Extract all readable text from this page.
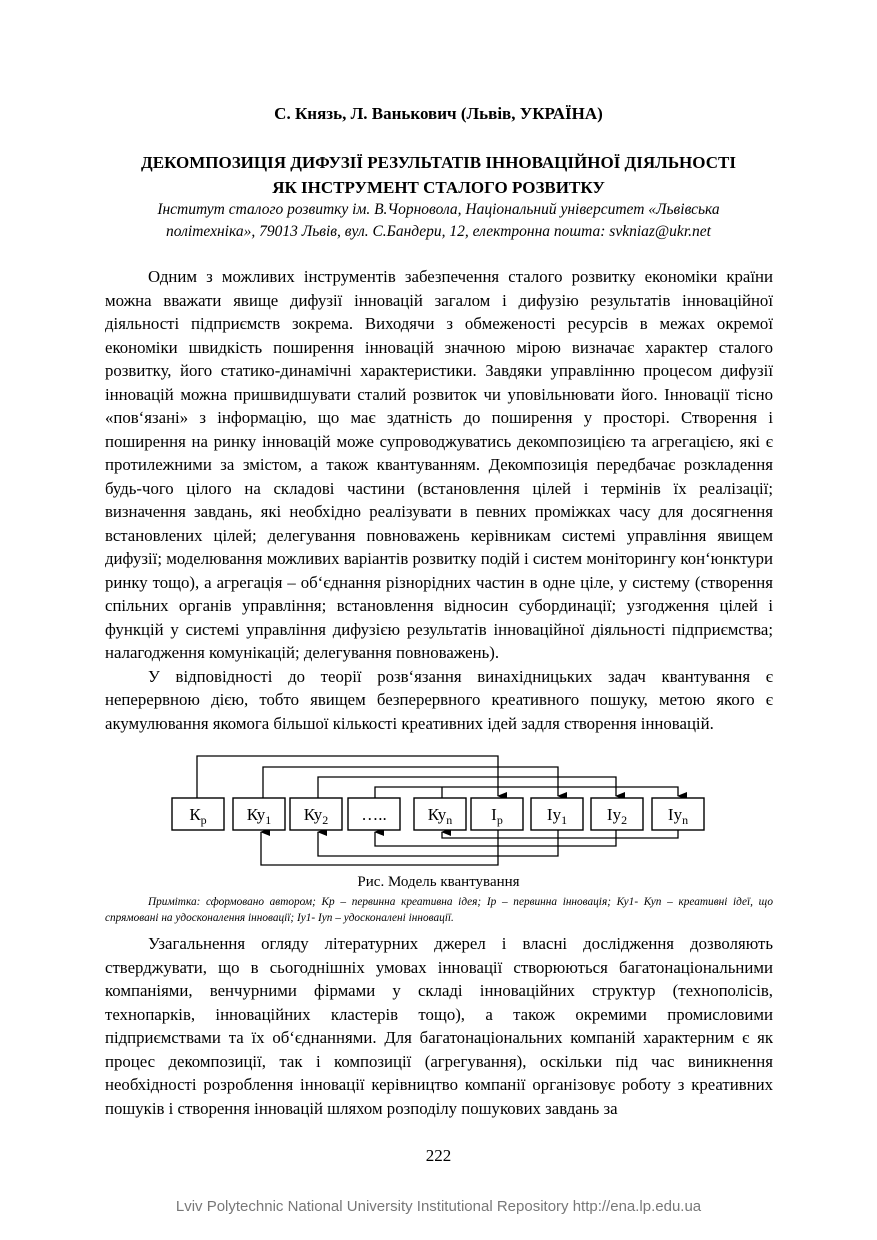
С. Князь, Л. Ванькович (Львів, УКРАЇНА)
ДЕКОМПОЗИЦІЯ ДИФУЗІЇ РЕЗУЛЬТАТІВ ІННОВАЦІЙНОЇ ДІЯЛЬНОСТІ
ЯК ІНСТРУМЕНТ СТАЛОГО РОЗВИТКУ
Інститут сталого розвитку ім. В.Чорновола, Національний університет «Львівська
політехніка», 79013 Львів, вул. С.Бандери, 12, електронна пошта: svkniaz@ukr.net

Одним з можливих інструментів забезпечення сталого розвитку економіки країни можна вважати явище дифузії інновацій загалом і дифузію результатів інноваційної діяльності підприємств зокрема. Виходячи з обмеженості ресурсів в межах окремої економіки швидкість поширення інновацій значною мірою визначає характер сталого розвитку, його статико-динамічні характеристики. Завдяки управлінню процесом дифузії інновацій можна пришвидшувати сталий розвиток чи уповільнювати його. Інновації тісно «пов‘язані» з інформацію, що має здатність до поширення у просторі. Створення і поширення на ринку інновацій може супроводжуватись декомпозицією та агрегацією, які є протилежними за змістом, а також квантуванням. Декомпозиція передбачає розкладення будь-чого цілого на складові частини (встановлення цілей і термінів їх реалізації; визначення завдань, які необхідно реалізувати в певних проміжках часу для досягнення встановлених цілей; делегування повноважень керівникам системі управління явищем дифузії; моделювання можливих варіантів розвитку подій і систем моніторингу кон‘юнктури ринку тощо), а агрегація – об‘єднання різнорідних частин в одне ціле, у систему (створення спільних органів управління; встановлення відносин субординації; узгодження цілей і функцій у системі управління дифузією результатів інноваційної діяльності підприємства; налагодження комунікацій; делегування повноважень).

У відповідності до теорії розв‘язання винахідницьких задач квантування є неперервною дією, тобто явищем безперервного креативного пошуку, метою якого є акумулювання якомога більшої кількості креативних ідей задля створення інновацій.

$К_р$ $Ку_1$ $Ку_2$ ….. $Ку_n$ $І_р$	$Іу_1$ $Іу_2$ $Іу_n$
Рис. Модель квантування
Примітка: сформовано автором; Кр – первинна креативна ідея; Ір – первинна інновація; Ку1- Куn – креативні ідеї, що спрямовані на удосконалення інновації; Іу1- Іуn – удосконалені інновації.

Узагальнення огляду літературних джерел і власні дослідження дозволяють стверджувати, що в сьогоднішніх умовах інновації створюються багатонаціональними компаніями, венчурними фірмами у складі інноваційних структур (технополісів, технопарків, інноваційних кластерів тощо), а також окремими промисловими підприємствами та їх об‘єднаннями. Для багатонаціональних компаній характерним є як процес декомпозиції, так і композиції (агрегування), оскільки під час виникнення необхідності розроблення інновації керівництво компанії організовує роботу з креативних пошуків і створення інновацій шляхом розподілу пошукових завдань за

222
Lviv Polytechnic National University Institutional Repository http://ena.lp.edu.ua
